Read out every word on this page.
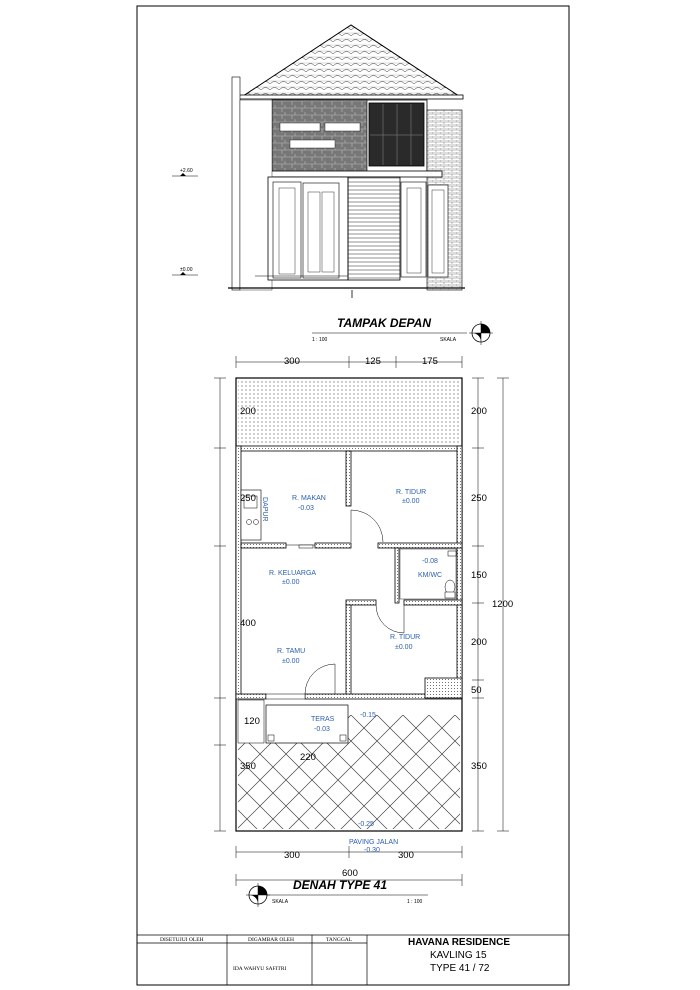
+2.60
±0.00
TAMPAK DEPAN
1 : 100	SKALA
300	125	175
200
250
400
120
350
200
250
150
200
50
350
1200
300	300
600
220
R. MAKAN
-0.03
DAPUR
R. TIDUR
±0.00
R. KELUARGA
±0.00
KM/WC
-0.08
R. TIDUR
±0.00
R. TAMU
±0.00
TERAS
-0.03
PAVING JALAN
-0.30
-0.15
-0.25
DENAH TYPE 41
SKALA	1 : 100
DISETUJUI OLEH	DIGAMBAR OLEH	TANGGAL
IDA WAHYU SAFITRI
HAVANA RESIDENCE
KAVLING 15
TYPE 41 / 72
